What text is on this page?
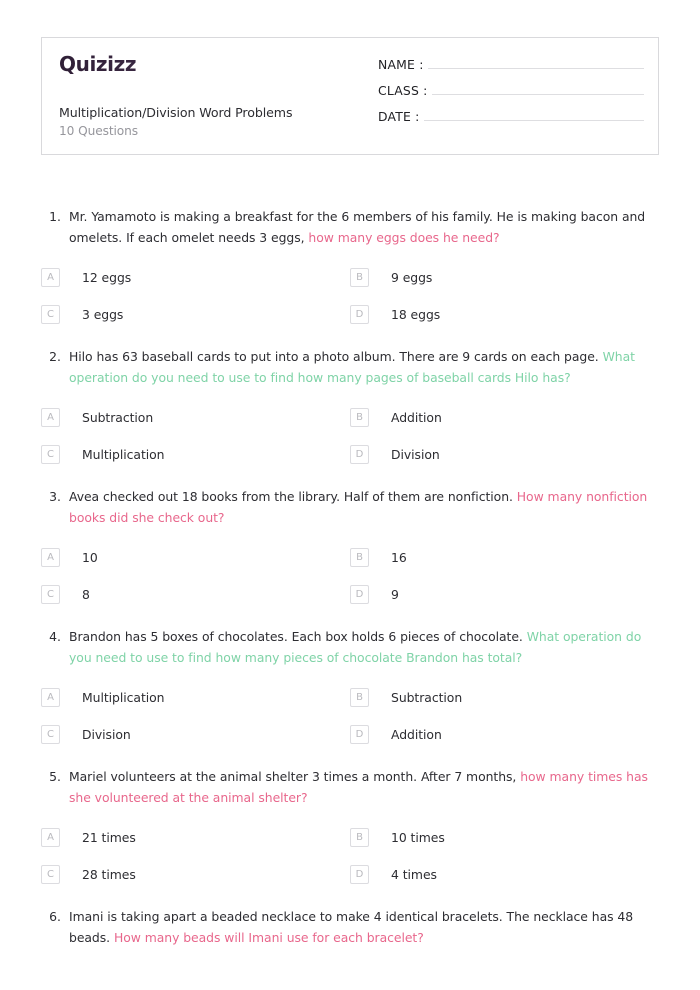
Quizizz
Multiplication/Division Word Problems
10 Questions
NAME :
CLASS :
DATE :
1. Mr. Yamamoto is making a breakfast for the 6 members of his family. He is making bacon and omelets. If each omelet needs 3 eggs, how many eggs does he need?
A	12 eggs	B	9 eggs
C	3 eggs	D	18 eggs
2. Hilo has 63 baseball cards to put into a photo album. There are 9 cards on each page. What operation do you need to use to find how many pages of baseball cards Hilo has?
A	Subtraction	B	Addition
C	Multiplication	D	Division
3. Avea checked out 18 books from the library. Half of them are nonfiction. How many nonfiction books did she check out?
A	10	B	16
C	8	D	9
4. Brandon has 5 boxes of chocolates. Each box holds 6 pieces of chocolate. What operation do you need to use to find how many pieces of chocolate Brandon has total?
A	Multiplication	B	Subtraction
C	Division	D	Addition
5. Mariel volunteers at the animal shelter 3 times a month. After 7 months, how many times has she volunteered at the animal shelter?
A	21 times	B	10 times
C	28 times	D	4 times
6. Imani is taking apart a beaded necklace to make 4 identical bracelets. The necklace has 48 beads. How many beads will Imani use for each bracelet?
